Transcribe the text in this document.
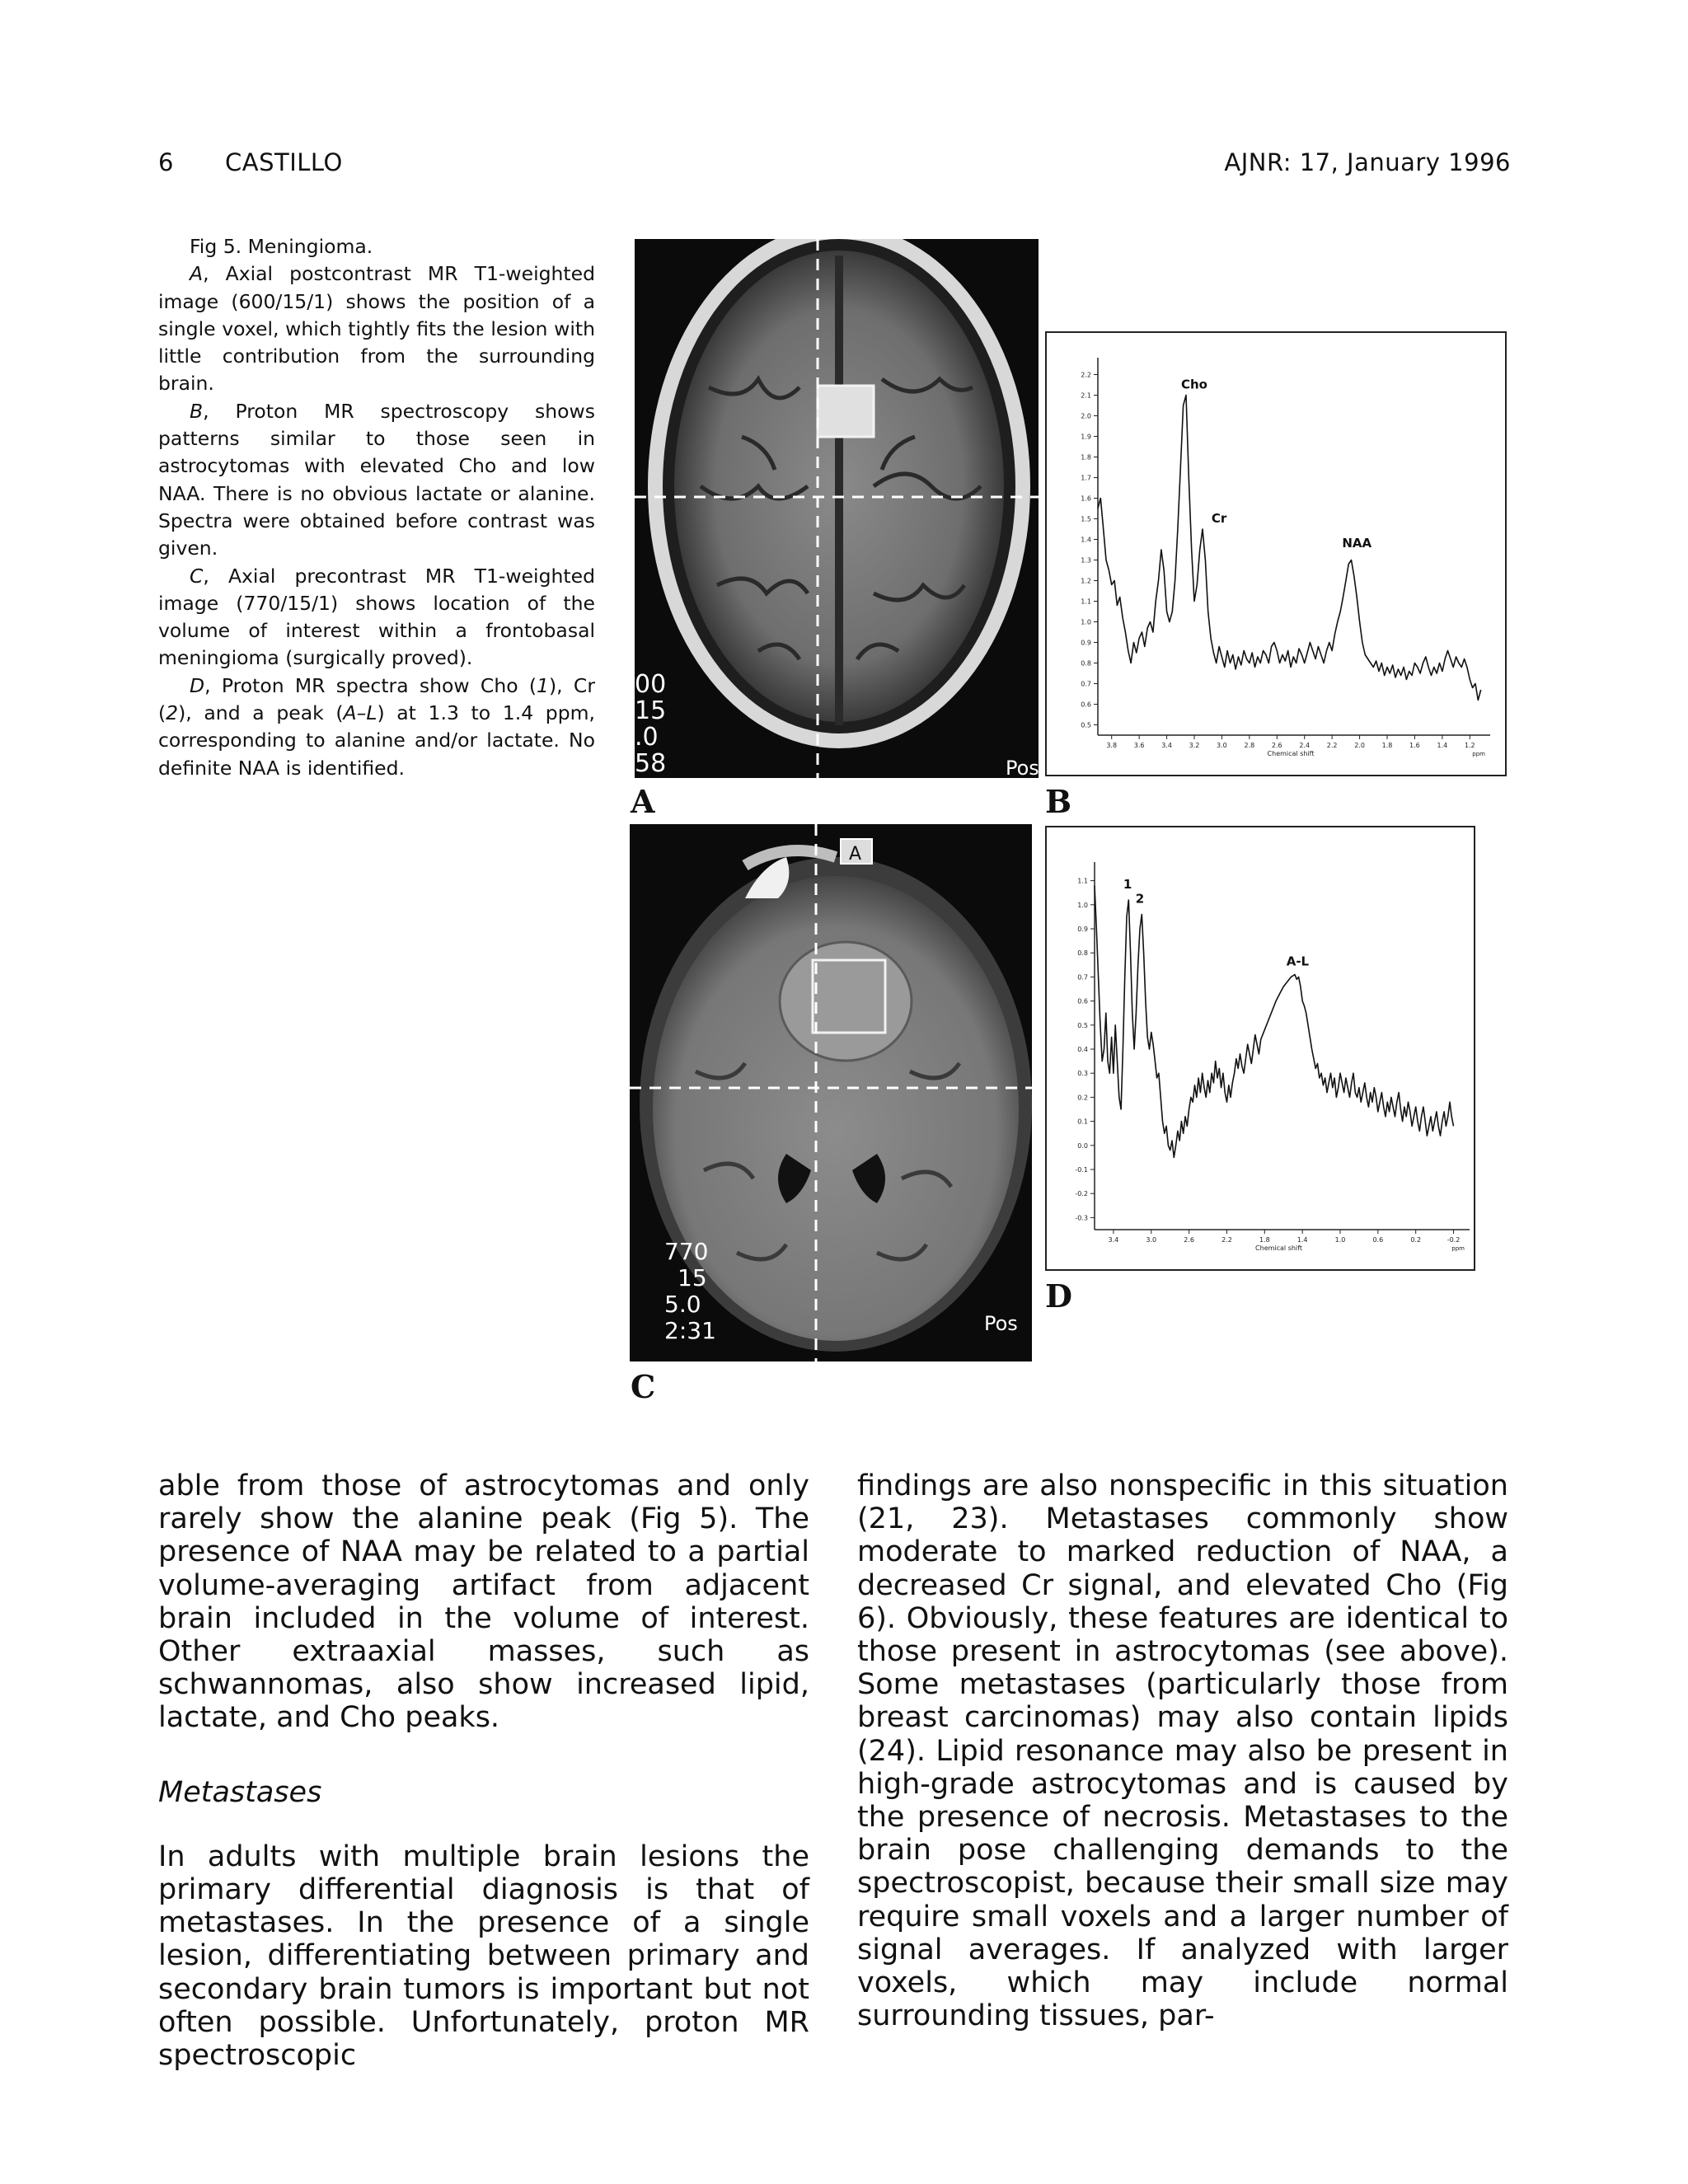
6 CASTILLO	AJNR: 17, January 1996

Fig 5. Meningioma.

A, Axial postcontrast MR T1-weighted image (600/15/1) shows the position of a single voxel, which tightly fits the lesion with little contribution from the surrounding brain.

B, Proton MR spectroscopy shows patterns similar to those seen in astrocytomas with elevated Cho and low NAA. There is no obvious lactate or alanine. Spectra were obtained before contrast was given.

C, Axial precontrast MR T1-weighted image (770/15/1) shows location of the volume of interest within a frontobasal meningioma (surgically proved).

D, Proton MR spectra show Cho (1), Cr (2), and a peak (A–L) at 1.3 to 1.4 ppm, corresponding to alanine and/or lactate. No definite NAA is identified.

00
15
.0
58	Pos
A
2.2
2.1
2.0
1.9
1.8
1.7
1.6
1.5
1.4
1.3
1.2
1.1
1.0
0.9
0.8
0.7
0.6
0.5
3.8	3.6	3.4	3.2	3.0	2.8	2.6	2.4	2.2	2.0	1.8	1.6	1.4	1.2
Chemical shift	ppm
Cho
Cr
NAA
B
A
770
15
5.0
2:31	Pos
C
1.1
1.0
0.9
0.8
0.7
0.6
0.5
0.4
0.3
0.2
0.1
0.0
-0.1
-0.2
-0.3
3.4	3.0	2.6	2.2	1.8	1.4	1.0	0.6	0.2	-0.2
Chemical shift	ppm
1
2
A-L
D

able from those of astrocytomas and only rarely show the alanine peak (Fig 5). The presence of NAA may be related to a partial volume-averaging artifact from adjacent brain included in the volume of interest. Other extraaxial masses, such as schwannomas, also show increased lipid, lactate, and Cho peaks.

Metastases

In adults with multiple brain lesions the primary differential diagnosis is that of metastases. In the presence of a single lesion, differentiating between primary and secondary brain tumors is important but not often possible. Unfortunately, proton MR spectroscopic

findings are also nonspecific in this situation (21, 23). Metastases commonly show moderate to marked reduction of NAA, a decreased Cr signal, and elevated Cho (Fig 6). Obviously, these features are identical to those present in astrocytomas (see above). Some metastases (particularly those from breast carcinomas) may also contain lipids (24). Lipid resonance may also be present in high-grade astrocytomas and is caused by the presence of necrosis. Metastases to the brain pose challenging demands to the spectroscopist, because their small size may require small voxels and a larger number of signal averages. If analyzed with larger voxels, which may include normal surrounding tissues, par-
